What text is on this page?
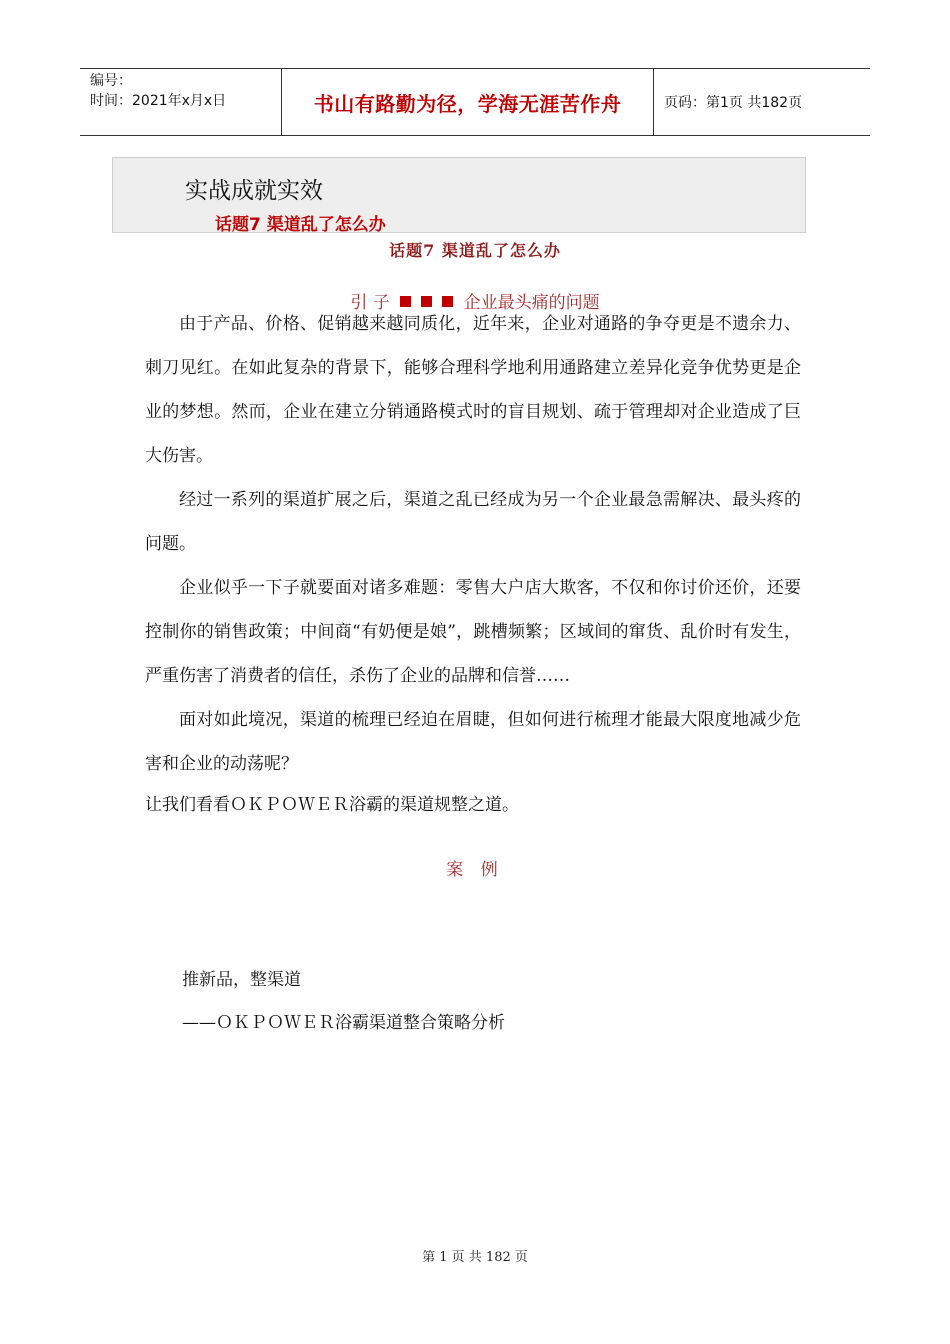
编号：
时间：2021年x月x日	书山有路勤为径，学海无涯苦作舟	页码：第1页 共182页
实战成就实效
话题7 渠道乱了怎么办
话题7 渠道乱了怎么办
引 子	企业最头痛的问题
由于产品、价格、促销越来越同质化，近年来，企业对通路的争夺更是不遗余力、刺刀见红。在如此复杂的背景下，能够合理科学地利用通路建立差异化竞争优势更是企业的梦想。然而，企业在建立分销通路模式时的盲目规划、疏于管理却对企业造成了巨大伤害。
经过一系列的渠道扩展之后，渠道之乱已经成为另一个企业最急需解决、最头疼的问题。
企业似乎一下子就要面对诸多难题：零售大户店大欺客，不仅和你讨价还价，还要控制你的销售政策；中间商“有奶便是娘”，跳槽频繁；区域间的窜货、乱价时有发生，严重伤害了消费者的信任，杀伤了企业的品牌和信誉……
面对如此境况，渠道的梳理已经迫在眉睫，但如何进行梳理才能最大限度地减少危害和企业的动荡呢？
让我们看看ＯＫＰＯＷＥＲ浴霸的渠道规整之道。
案 例
推新品，整渠道
——ＯＫＰＯＷＥＲ浴霸渠道整合策略分析
第 1 页 共 182 页
